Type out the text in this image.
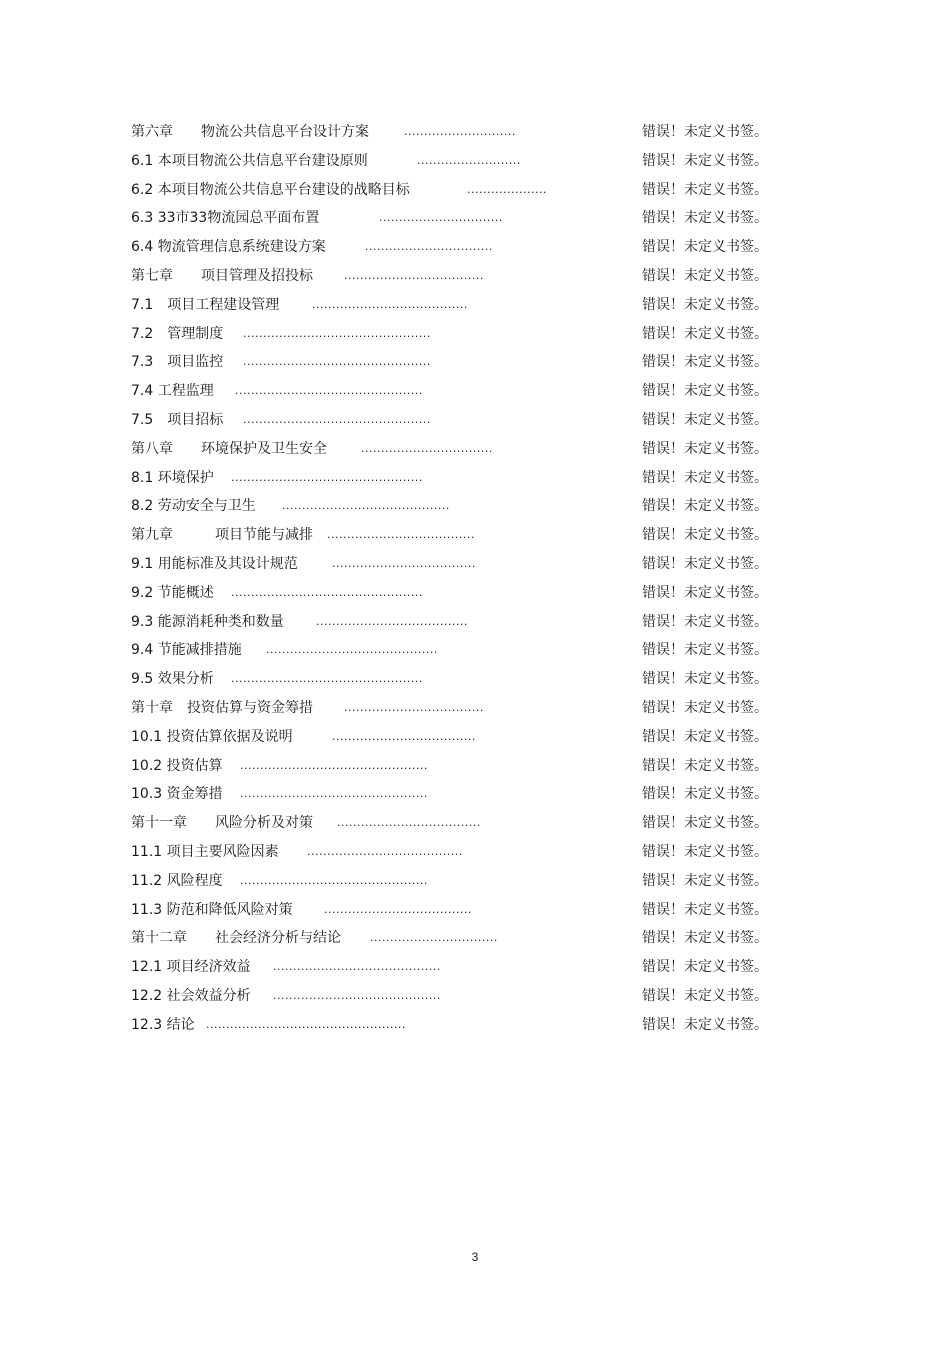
第六章　　物流公共信息平台设计方案	............................	错误！未定义书签。
6.1 本项目物流公共信息平台建设原则	..........................	错误！未定义书签。
6.2 本项目物流公共信息平台建设的战略目标	....................	错误！未定义书签。
6.3 33市33物流园总平面布置	...............................	错误！未定义书签。
6.4 物流管理信息系统建设方案	................................	错误！未定义书签。
第七章　　项目管理及招投标	...................................	错误！未定义书签。
7.1　项目工程建设管理	.......................................	错误！未定义书签。
7.2　管理制度 ...............................................	错误！未定义书签。
7.3　项目监控 ...............................................	错误！未定义书签。
7.4 工程监理 ...............................................	错误！未定义书签。
7.5　项目招标 ...............................................	错误！未定义书签。
第八章　　环境保护及卫生安全	.................................	错误！未定义书签。
8.1 环境保护 ................................................	错误！未定义书签。
8.2 劳动安全与卫生 ..........................................	错误！未定义书签。
第九章　　　项目节能与减排 .....................................	错误！未定义书签。
9.1 用能标准及其设计规范	....................................	错误！未定义书签。
9.2 节能概述 ................................................	错误！未定义书签。
9.3 能源消耗种类和数量	......................................	错误！未定义书签。
9.4 节能减排措施 ...........................................	错误！未定义书签。
9.5 效果分析 ................................................	错误！未定义书签。
第十章　投资估算与资金筹措	...................................	错误！未定义书签。
10.1 投资估算依据及说明	....................................	错误！未定义书签。
10.2 投资估算 ...............................................	错误！未定义书签。
10.3 资金筹措 ...............................................	错误！未定义书签。
第十一章　　风险分析及对策 ....................................	错误！未定义书签。
11.1 项目主要风险因素	.......................................	错误！未定义书签。
11.2 风险程度 ...............................................	错误！未定义书签。
11.3 防范和降低风险对策	.....................................	错误！未定义书签。
第十二章　　社会经济分析与结论	................................	错误！未定义书签。
12.1 项目经济效益 ..........................................	错误！未定义书签。
12.2 社会效益分析 ..........................................	错误！未定义书签。
12.3 结论 ..................................................	错误！未定义书签。
3
